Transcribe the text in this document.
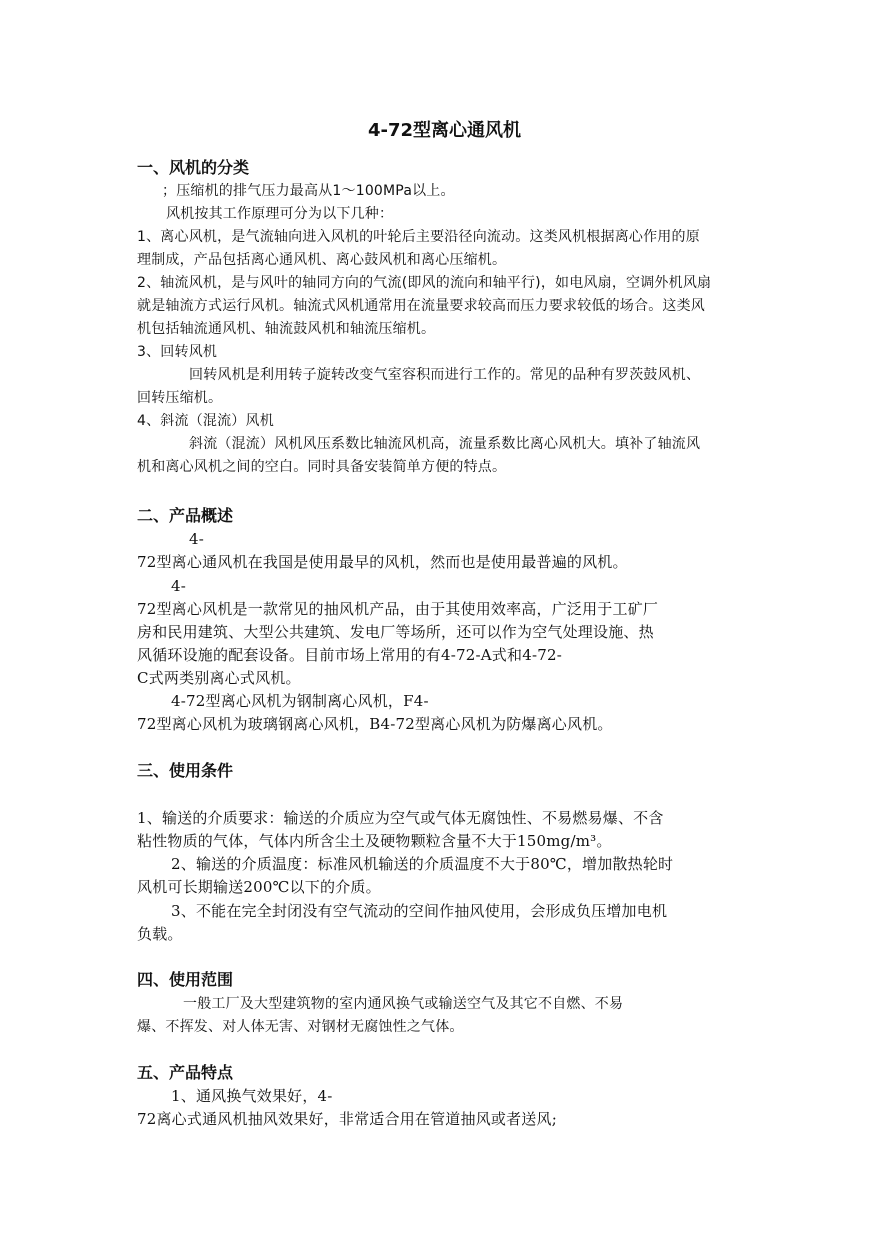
4-72型离心通风机
一、风机的分类
；压缩机的排气压力最高从1～100MPa以上。
风机按其工作原理可分为以下几种：
1、离心风机，是气流轴向进入风机的叶轮后主要沿径向流动。这类风机根据离心作用的原
理制成，产品包括离心通风机、离心鼓风机和离心压缩机。
2、轴流风机，是与风叶的轴同方向的气流(即风的流向和轴平行)，如电风扇，空调外机风扇
就是轴流方式运行风机。轴流式风机通常用在流量要求较高而压力要求较低的场合。这类风
机包括轴流通风机、轴流鼓风机和轴流压缩机。
3、回转风机
回转风机是利用转子旋转改变气室容积而进行工作的。常见的品种有罗茨鼓风机、
回转压缩机。
4、斜流（混流）风机
斜流（混流）风机风压系数比轴流风机高，流量系数比离心风机大。填补了轴流风
机和离心风机之间的空白。同时具备安装简单方便的特点。
二、产品概述
4-
72型离心通风机在我国是使用最早的风机，然而也是使用最普遍的风机。
4-
72型离心风机是一款常见的抽风机产品，由于其使用效率高，广泛用于工矿厂
房和民用建筑、大型公共建筑、发电厂等场所，还可以作为空气处理设施、热
风循环设施的配套设备。目前市场上常用的有4-72-A式和4-72-
C式两类别离心式风机。
4-72型离心风机为钢制离心风机，F4-
72型离心风机为玻璃钢离心风机，B4-72型离心风机为防爆离心风机。
三、使用条件
1、输送的介质要求：输送的介质应为空气或气体无腐蚀性、不易燃易爆、不含
粘性物质的气体，气体内所含尘土及硬物颗粒含量不大于150mg/m³。
2、输送的介质温度：标准风机输送的介质温度不大于80℃，增加散热轮时
风机可长期输送200℃以下的介质。
3、不能在完全封闭没有空气流动的空间作抽风使用，会形成负压增加电机
负载。
四、使用范围
一般工厂及大型建筑物的室内通风换气或输送空气及其它不自燃、不易
爆、不挥发、对人体无害、对钢材无腐蚀性之气体。
五、产品特点
1、通风换气效果好，4-
72离心式通风机抽风效果好，非常适合用在管道抽风或者送风;
